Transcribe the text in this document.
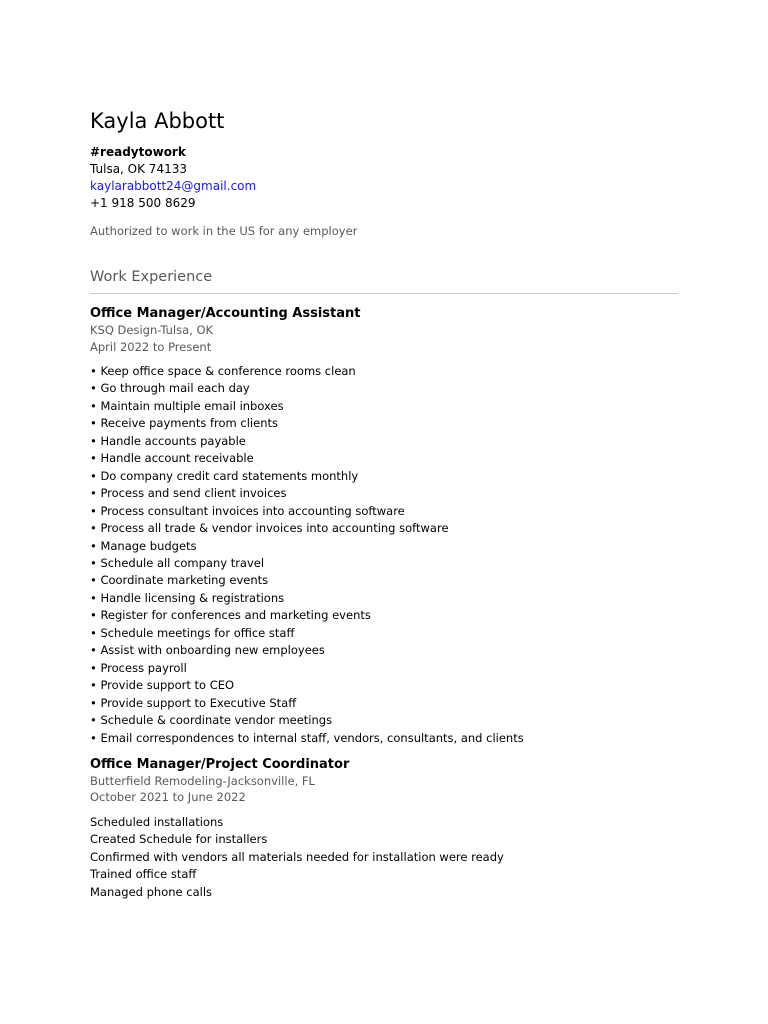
Kayla Abbott
#readytowork
Tulsa, OK 74133
kaylarabbott24@gmail.com
+1 918 500 8629
Authorized to work in the US for any employer
Work Experience
Office Manager/Accounting Assistant
KSQ Design-Tulsa, OK
April 2022 to Present
• Keep office space & conference rooms clean
• Go through mail each day
• Maintain multiple email inboxes
• Receive payments from clients
• Handle accounts payable
• Handle account receivable
• Do company credit card statements monthly
• Process and send client invoices
• Process consultant invoices into accounting software
• Process all trade & vendor invoices into accounting software
• Manage budgets
• Schedule all company travel
• Coordinate marketing events
• Handle licensing & registrations
• Register for conferences and marketing events
• Schedule meetings for office staff
• Assist with onboarding new employees
• Process payroll
• Provide support to CEO
• Provide support to Executive Staff
• Schedule & coordinate vendor meetings
• Email correspondences to internal staff, vendors, consultants, and clients
Office Manager/Project Coordinator
Butterfield Remodeling-Jacksonville, FL
October 2021 to June 2022
Scheduled installations
Created Schedule for installers
Confirmed with vendors all materials needed for installation were ready
Trained office staff
Managed phone calls
